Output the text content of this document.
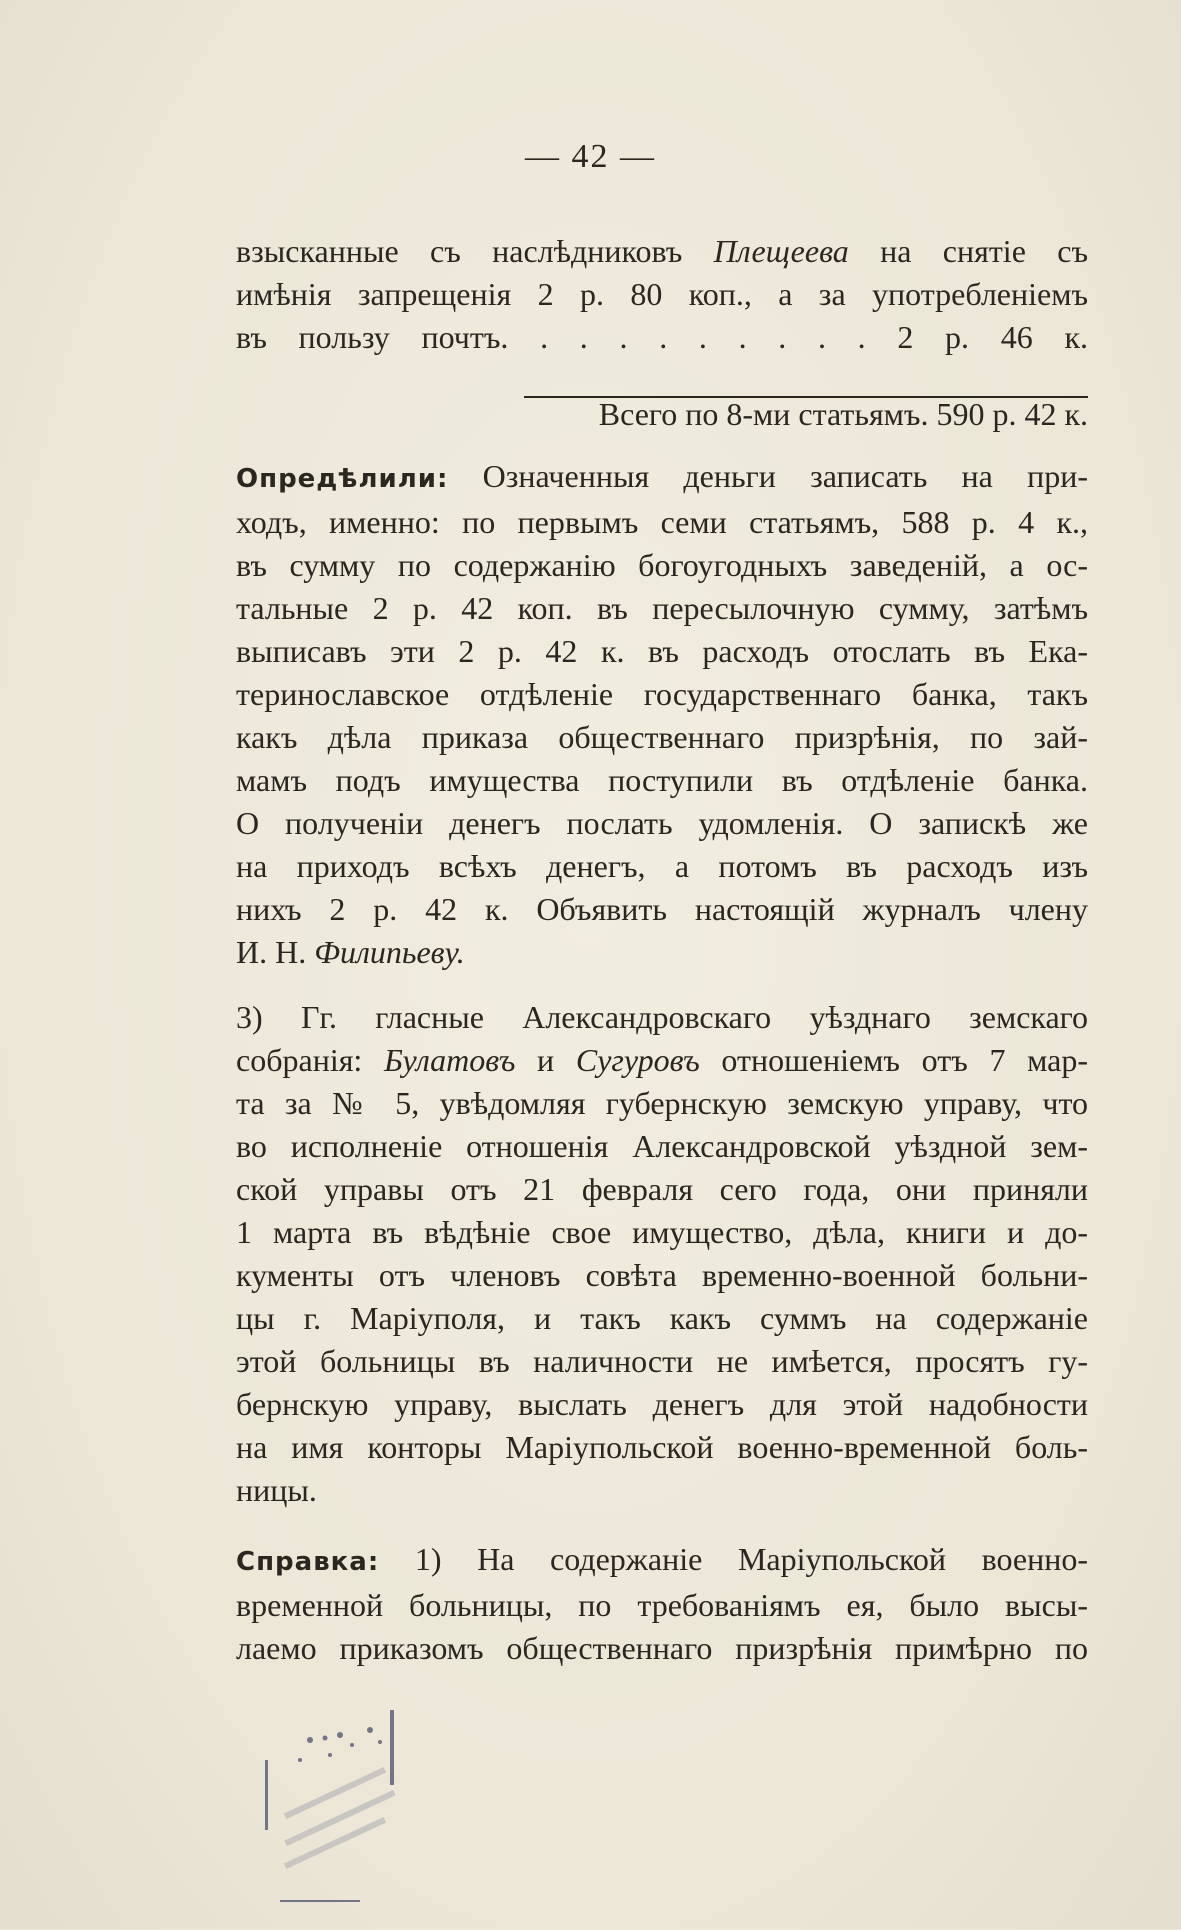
— 42 —
взысканные съ наслѣдниковъ Плещеева на снятіе съ
имѣнія запрещенія 2 р. 80 коп., а за употребленіемъ
въ пользу почтъ. . . . . . . . . . 2 р. 46 к.
Всего по 8-ми статьямъ. 590 р. 42 к.
Опредѣлили: Означенныя деньги записать на при-
ходъ, именно: по первымъ семи статьямъ, 588 р. 4 к.,
въ сумму по содержанію богоугодныхъ заведеній, а ос-
тальные 2 р. 42 коп. въ пересылочную сумму, затѣмъ
выписавъ эти 2 р. 42 к. въ расходъ отослать въ Ека-
теринославское отдѣленіе государственнаго банка, такъ
какъ дѣла приказа общественнаго призрѣнія, по зай-
мамъ подъ имущества поступили въ отдѣленіе банка.
О полученіи денегъ послать удомленія. О запискѣ же
на приходъ всѣхъ денегъ, а потомъ въ расходъ изъ
нихъ 2 р. 42 к. Объявить настоящій журналъ члену
И. Н. Филипьеву.
3) Гг. гласные Александровскаго уѣзднаго земскаго
собранія: Булатовъ и Сугуровъ отношеніемъ отъ 7 мар-
та за № 5, увѣдомляя губернскую земскую управу, что
во исполненіе отношенія Александровской уѣздной зем-
ской управы отъ 21 февраля сего года, они приняли
1 марта въ вѣдѣніе свое имущество, дѣла, книги и до-
кументы отъ членовъ совѣта временно-военной больни-
цы г. Маріуполя, и такъ какъ суммъ на содержаніе
этой больницы въ наличности не имѣется, просятъ гу-
бернскую управу, выслать денегъ для этой надобности
на имя конторы Маріупольской военно-временной боль-
ницы.
Справка: 1) На содержаніе Маріупольской военно-
временной больницы, по требованіямъ ея, было высы-
лаемо приказомъ общественнаго призрѣнія примѣрно по
